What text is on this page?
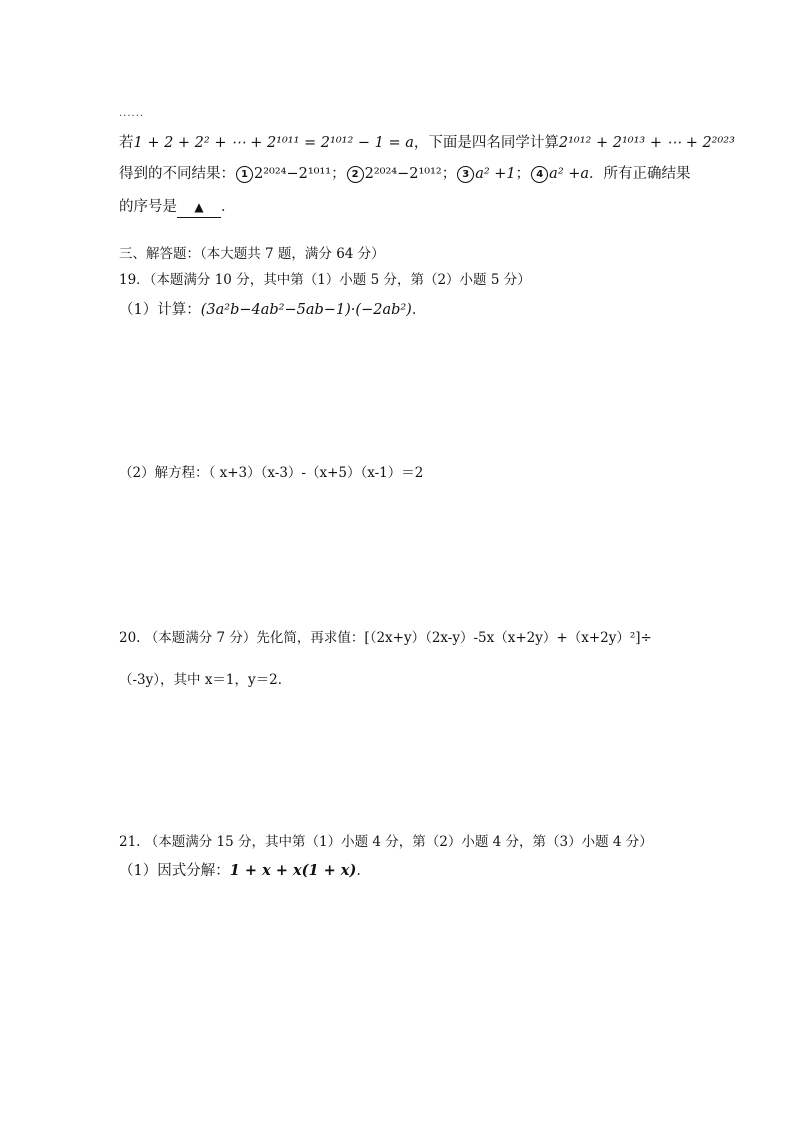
......
若1 + 2 + 2² + ⋯ + 2¹⁰¹¹ = 2¹⁰¹² − 1 = a，下面是四名同学计算2¹⁰¹² + 2¹⁰¹³ + ⋯ + 2²⁰²³
得到的不同结果： 1 2²⁰²⁴−2¹⁰¹¹； 2 2²⁰²⁴−2¹⁰¹²； 3 a² +1； 4 a² +a．所有正确结果
的序号是 ▲ ．
三、解答题：（本大题共 7 题，满分 64 分）
19．（本题满分 10 分，其中第（1）小题 5 分，第（2）小题 5 分）
（1）计算：(3a²b−4ab²−5ab−1)·(−2ab²)．
（2）解方程：（ x+3）（x-3）-（x+5）（x-1）＝2
20. （本题满分 7 分）先化简，再求值：[（2x+y）（2x-y）-5x（x+2y）+（x+2y）²]÷
（-3y），其中 x＝1，y＝2．
21. （本题满分 15 分，其中第（1）小题 4 分，第（2）小题 4 分，第（3）小题 4 分）
（1）因式分解：1 + x + x(1 + x)．
